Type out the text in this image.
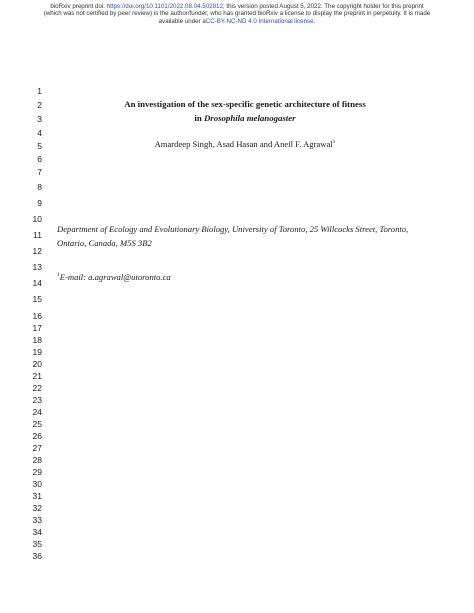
bioRxiv preprint doi: https://doi.org/10.1101/2022.08.04.502812; this version posted August 5, 2022. The copyright holder for this preprint
(which was not certified by peer review) is the author/funder, who has granted bioRxiv a license to display the preprint in perpetuity. It is made
available under aCC-BY-NC-ND 4.0 International license.
1
2
3
4
5
6
7
8
9
10
11
12
13
14
15
16
17
18
19
20
21
22
23
24
25
26
27
28
29
30
31
32
33
34
35
36
An investigation of the sex-specific genetic architecture of fitness
in Drosophila melanogaster
Amardeep Singh, Asad Hasan and Aneil F. Agrawal$^1$
Department of Ecology and Evolutionary Biology, University of Toronto, 25 Willcocks Street, Toronto,
Ontario, Canada, M5S 3B2
$^1$E-mail: a.agrawal@utoronto.ca
